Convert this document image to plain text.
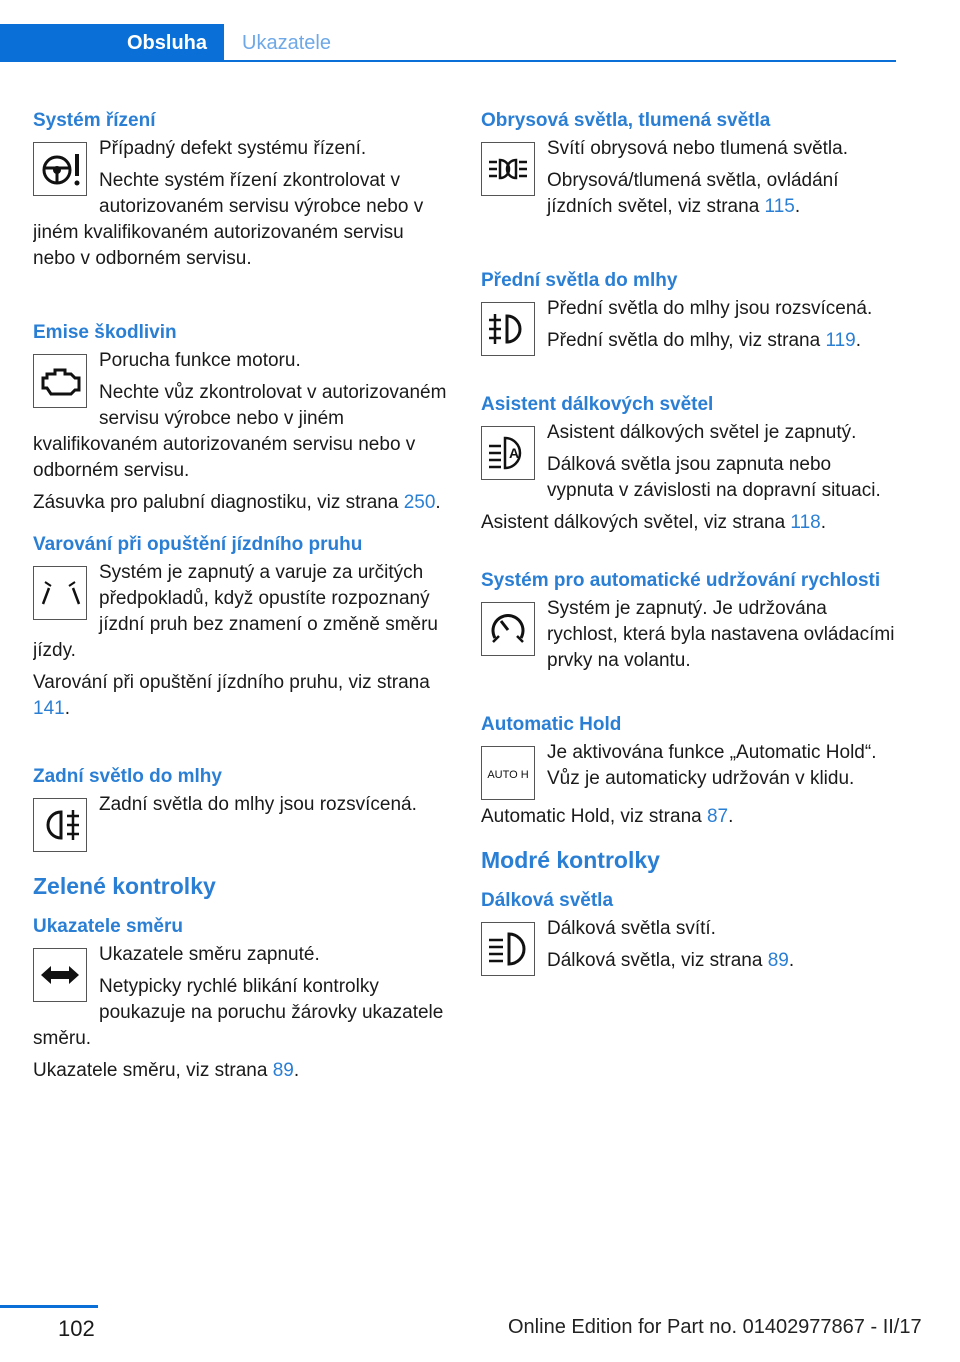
Obsluha Ukazatele
Systém řízení

Případný defekt systému řízení.

Nechte systém řízení zkontrolovat v autorizovaném servisu výrobce nebo v jiném kvalifikovaném autorizovaném servisu nebo v odborném servisu.

Emise škodlivin

Porucha funkce motoru.

Nechte vůz zkontrolovat v autorizovaném servisu výrobce nebo v jiném kvalifikovaném autorizovaném servisu nebo v odborném servisu.

Zásuvka pro palubní diagnostiku, viz strana 250.

Varování při opuštění jízdního pruhu

Systém je zapnutý a varuje za určitých předpokladů, když opustíte rozpoznaný jízdní pruh bez znamení o změně směru jízdy.

Varování při opuštění jízdního pruhu, viz strana 141.

Zadní světlo do mlhy

Zadní světla do mlhy jsou rozsvícená.

Zelené kontrolky
Ukazatele směru

Ukazatele směru zapnuté.

Netypicky rychlé blikání kontrolky poukazuje na poruchu žárovky ukazatele směru.

Ukazatele směru, viz strana 89.

Obrysová světla, tlumená světla

Svítí obrysová nebo tlumená světla.

Obrysová/tlumená světla, ovládání jízdních světel, viz strana 115.

Přední světla do mlhy

Přední světla do mlhy jsou rozsvícená.

Přední světla do mlhy, viz strana 119.

Asistent dálkových světel
A

Asistent dálkových světel je zapnutý.

Dálková světla jsou zapnuta nebo vypnuta v závislosti na dopravní situaci.

Asistent dálkových světel, viz strana 118.

Systém pro automatické udržování rychlosti

Systém je zapnutý. Je udržována rychlost, která byla nastavena ovládacími prvky na volantu.

Automatic Hold
AUTO H

Je aktivována funkce „Automatic Hold“. Vůz je automaticky udržován v klidu.

Automatic Hold, viz strana 87.

Modré kontrolky
Dálková světla

Dálková světla svítí.

Dálková světla, viz strana 89.

102	Online Edition for Part no. 01402977867 - II/17
